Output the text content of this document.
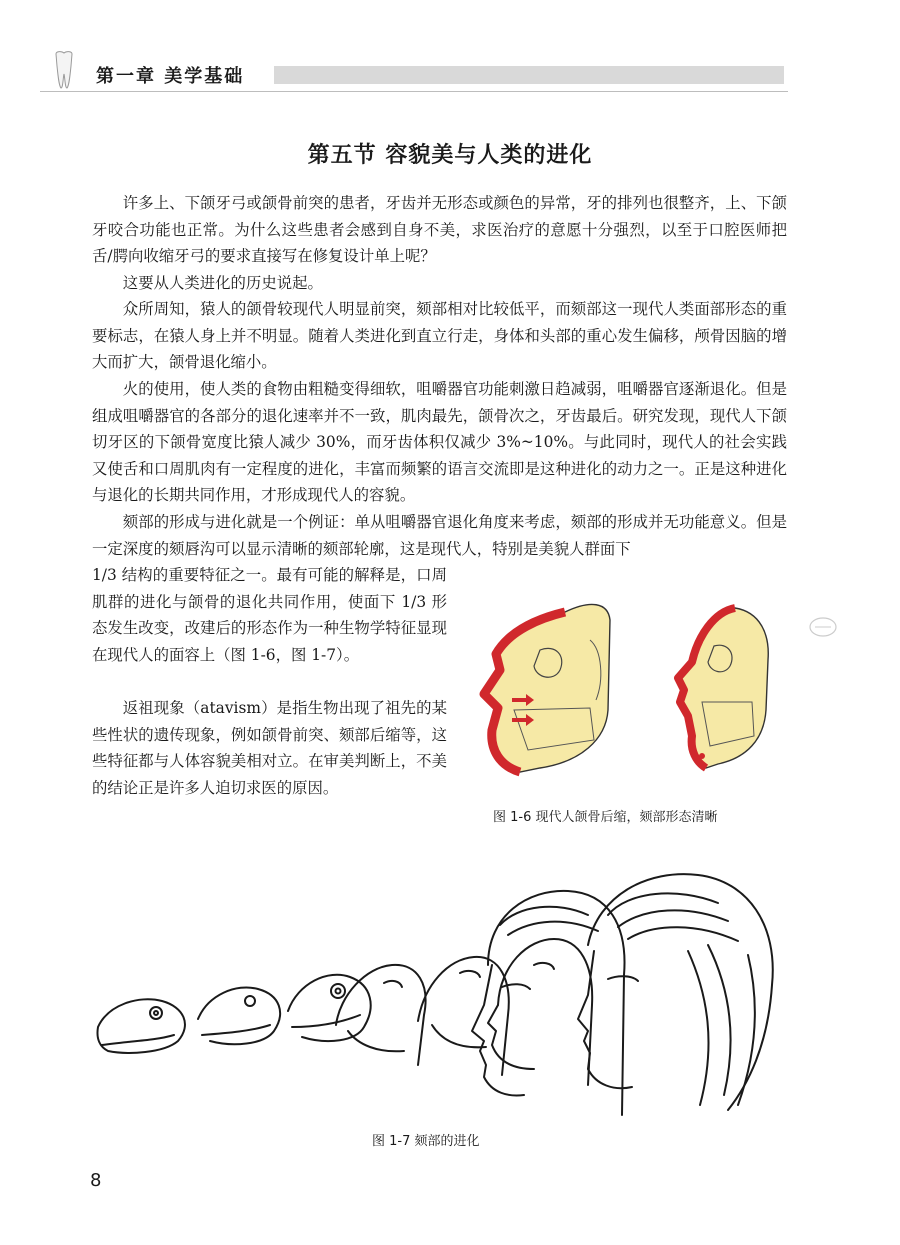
第一章 美学基础
第五节 容貌美与人类的进化

许多上、下颌牙弓或颌骨前突的患者，牙齿并无形态或颜色的异常，牙的排列也很整齐，上、下颌牙咬合功能也正常。为什么这些患者会感到自身不美，求医治疗的意愿十分强烈，以至于口腔医师把舌/腭向收缩牙弓的要求直接写在修复设计单上呢？

这要从人类进化的历史说起。

众所周知，猿人的颌骨较现代人明显前突，颏部相对比较低平，而颏部这一现代人类面部形态的重要标志，在猿人身上并不明显。随着人类进化到直立行走，身体和头部的重心发生偏移，颅骨因脑的增大而扩大，颌骨退化缩小。

火的使用，使人类的食物由粗糙变得细软，咀嚼器官功能刺激日趋减弱，咀嚼器官逐渐退化。但是组成咀嚼器官的各部分的退化速率并不一致，肌肉最先，颌骨次之，牙齿最后。研究发现，现代人下颌切牙区的下颌骨宽度比猿人减少 30%，而牙齿体积仅减少 3%~10%。与此同时，现代人的社会实践又使舌和口周肌肉有一定程度的进化，丰富而频繁的语言交流即是这种进化的动力之一。正是这种进化与退化的长期共同作用，才形成现代人的容貌。

颏部的形成与进化就是一个例证：单从咀嚼器官退化角度来考虑，颏部的形成并无功能意义。但是一定深度的颏唇沟可以显示清晰的颏部轮廓，这是现代人，特别是美貌人群面下

1/3 结构的重要特征之一。最有可能的解释是，口周肌群的进化与颌骨的退化共同作用，使面下 1/3 形态发生改变，改建后的形态作为一种生物学特征显现在现代人的面容上（图 1-6，图 1-7）。

返祖现象（atavism）是指生物出现了祖先的某些性状的遗传现象，例如颌骨前突、颏部后缩等，这些特征都与人体容貌美相对立。在审美判断上，不美的结论正是许多人迫切求医的原因。

图 1-6 现代人颌骨后缩，颏部形态清晰
图 1-7 颏部的进化
8
